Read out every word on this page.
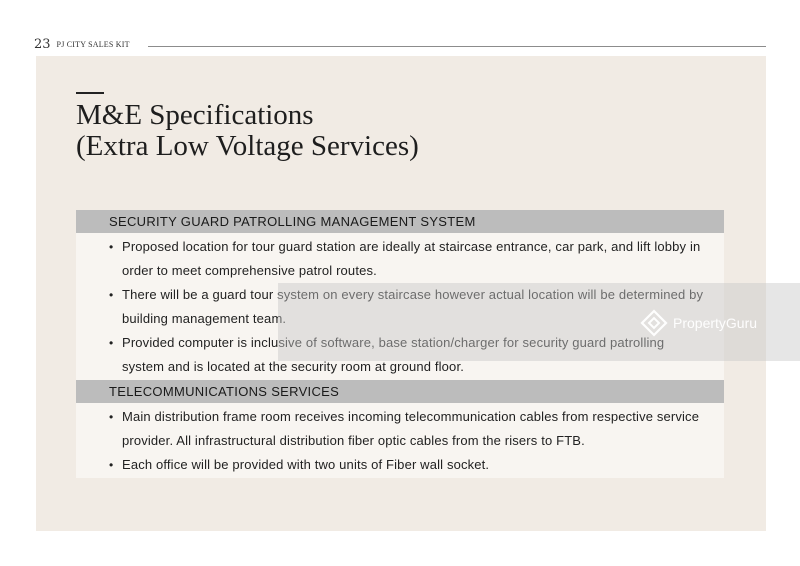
23 PJ CITY SALES KIT
M&E Specifications
(Extra Low Voltage Services)
SECURITY GUARD PATROLLING MANAGEMENT SYSTEM
• Proposed location for tour guard station are ideally at staircase entrance, car park, and lift lobby in order to meet comprehensive patrol routes.
• There will be a guard tour system on every staircase however actual location will be determined by building management team.
• Provided computer is inclusive of software, base station/charger for security guard patrolling system and is located at the security room at ground floor.
TELECOMMUNICATIONS SERVICES
• Main distribution frame room receives incoming telecommunication cables from respective service provider. All infrastructural distribution fiber optic cables from the risers to FTB.
• Each office will be provided with two units of Fiber wall socket.
PropertyGuru
